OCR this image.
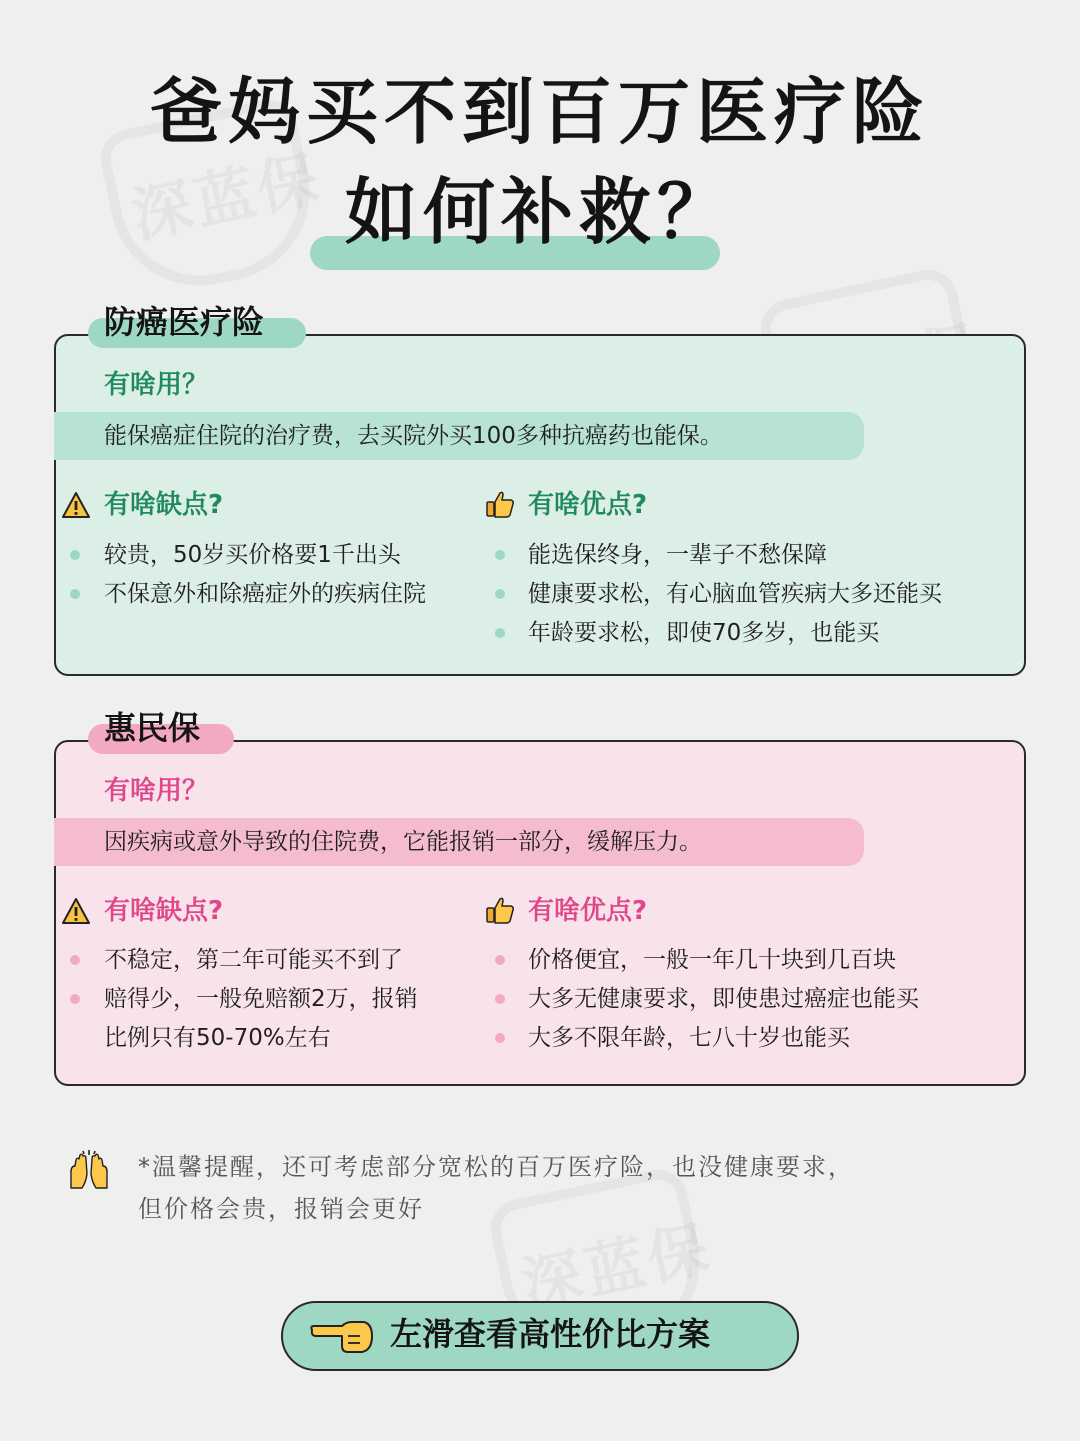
爸妈买不到百万医疗险
如何补救？
防癌医疗险
有啥用？
能保癌症住院的治疗费，去买院外买100多种抗癌药也能保。
有啥缺点?	有啥优点?
较贵，50岁买价格要1千出头
不保意外和除癌症外的疾病住院
能选保终身，一辈子不愁保障
健康要求松，有心脑血管疾病大多还能买
年龄要求松，即使70多岁，也能买
惠民保
有啥用？
因疾病或意外导致的住院费，它能报销一部分，缓解压力。
有啥缺点?	有啥优点?
不稳定，第二年可能买不到了
赔得少，一般免赔额2万，报销
比例只有50-70%左右
价格便宜，一般一年几十块到几百块
大多无健康要求，即使患过癌症也能买
大多不限年龄，七八十岁也能买
*温馨提醒，还可考虑部分宽松的百万医疗险，也没健康要求，
但价格会贵，报销会更好
左滑查看高性价比方案
